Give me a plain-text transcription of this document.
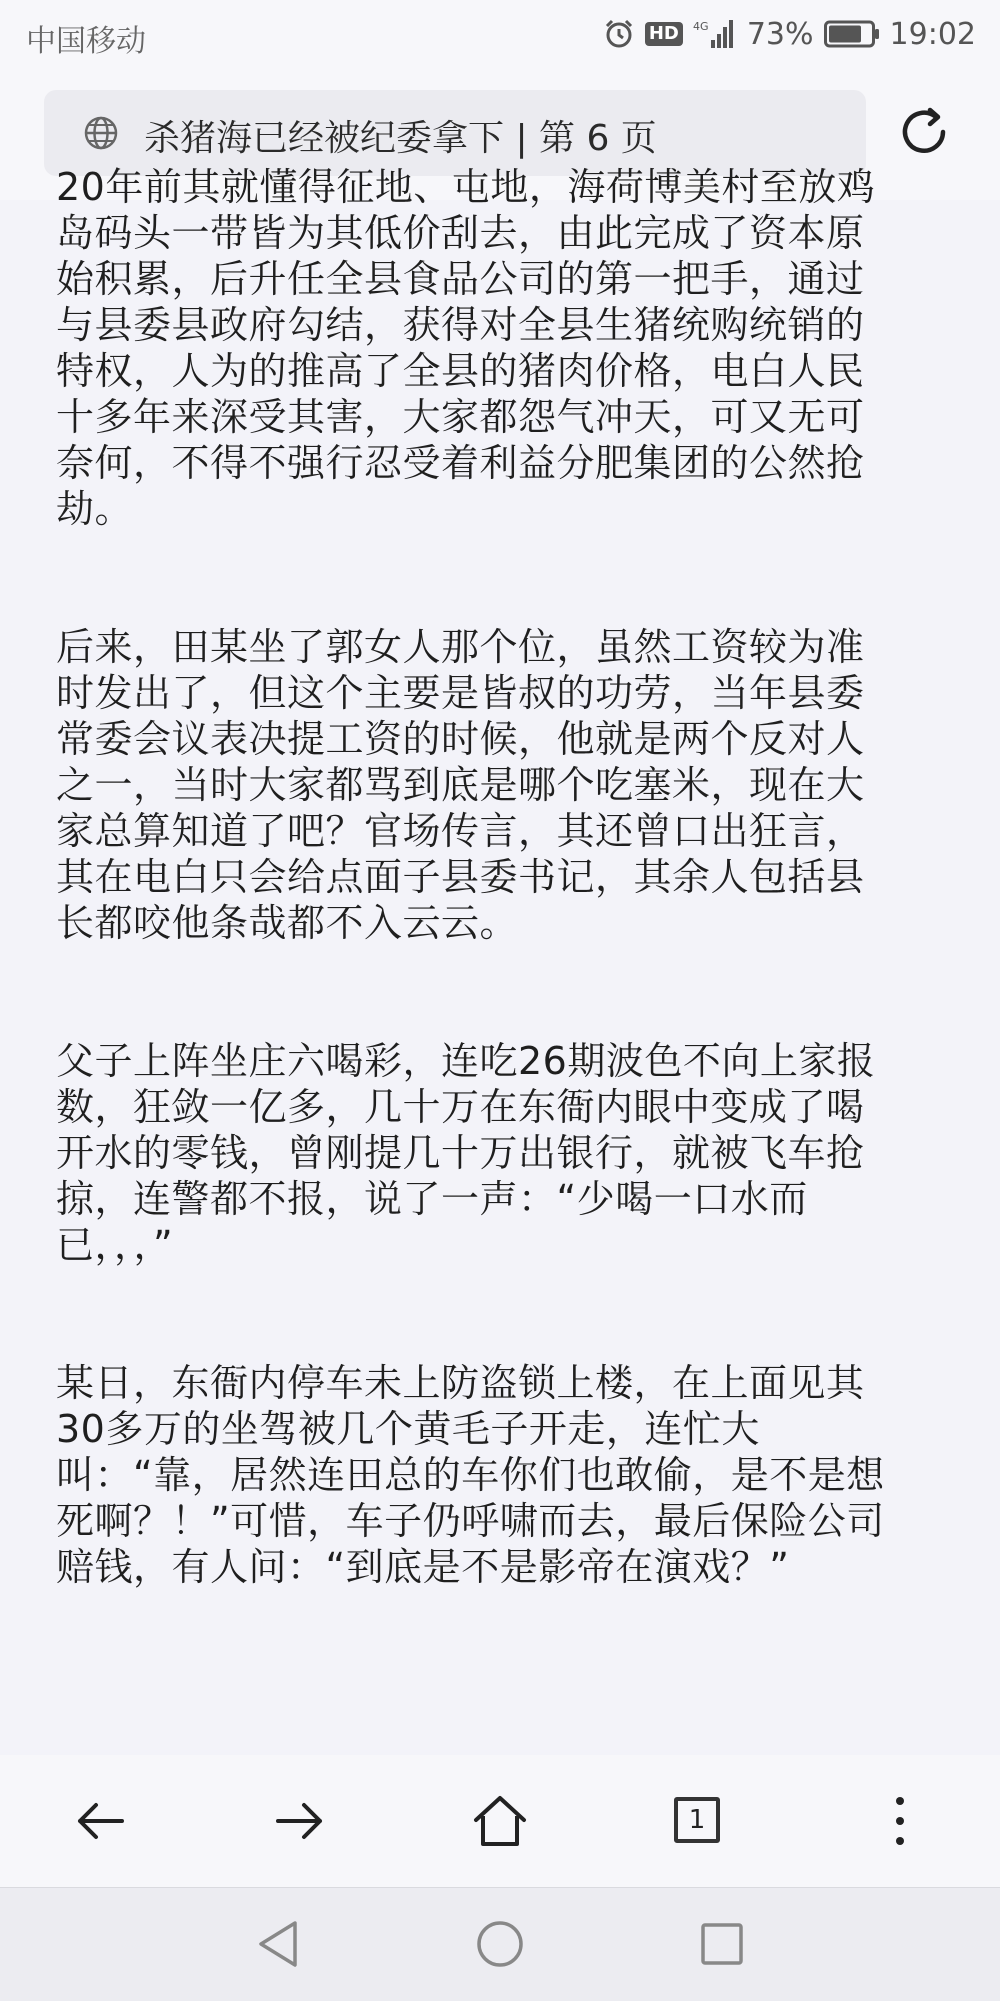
中国移动	HD	4G 73%	19:02
杀猪海已经被纪委拿下 | 第 6 页

20年前其就懂得征地、屯地，海荷博美村至放鸡
岛码头一带皆为其低价刮去，由此完成了资本原
始积累，后升任全县食品公司的第一把手，通过
与县委县政府勾结，获得对全县生猪统购统销的
特权，人为的推高了全县的猪肉价格，电白人民
十多年来深受其害，大家都怨气冲天，可又无可
奈何，不得不强行忍受着利益分肥集团的公然抢
劫。

后来，田某坐了郭女人那个位，虽然工资较为准
时发出了，但这个主要是皆叔的功劳，当年县委
常委会议表决提工资的时候，他就是两个反对人
之一，当时大家都骂到底是哪个吃塞米，现在大
家总算知道了吧？官场传言，其还曾口出狂言，
其在电白只会给点面子县委书记，其余人包括县
长都咬他条哉都不入云云。

父子上阵坐庄六喝彩，连吃26期波色不向上家报
数，狂敛一亿多，几十万在东衙内眼中变成了喝
开水的零钱，曾刚提几十万出银行，就被飞车抢
掠，连警都不报，说了一声：“少喝一口水而
已，，，”

某日，东衙内停车未上防盗锁上楼，在上面见其
30多万的坐驾被几个黄毛子开走，连忙大
叫：“靠，居然连田总的车你们也敢偷，是不是想
死啊？！”可惜，车子仍呼啸而去，最后保险公司
赔钱，有人问：“到底是不是影帝在演戏？”

1
